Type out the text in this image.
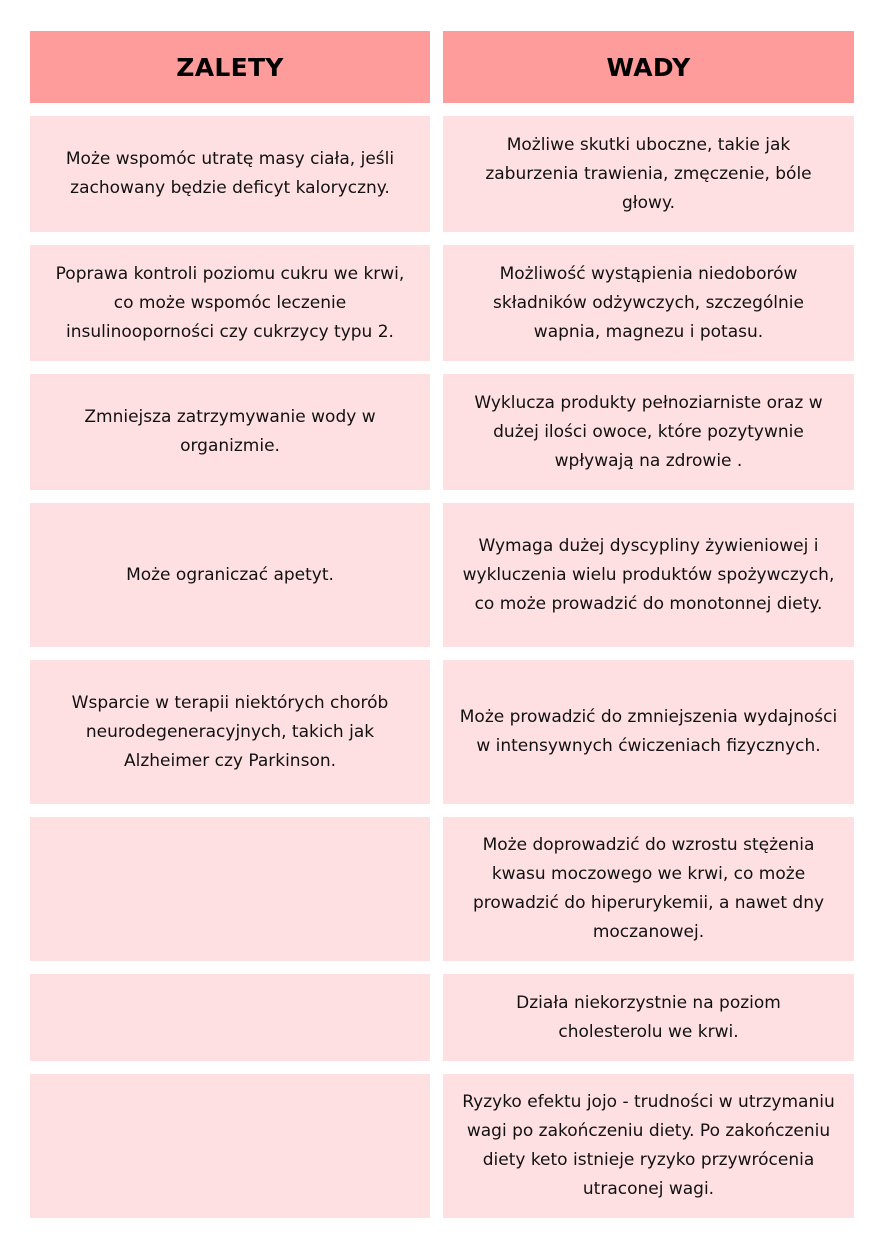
ZALETY	WADY
Może wspomóc utratę masy ciała, jeśli zachowany będzie deficyt kaloryczny.
Możliwe skutki uboczne, takie jak zaburzenia trawienia, zmęczenie, bóle głowy.
Poprawa kontroli poziomu cukru we krwi, co może wspomóc leczenie insulinooporności czy cukrzycy typu 2.
Możliwość wystąpienia niedoborów składników odżywczych, szczególnie wapnia, magnezu i potasu.
Zmniejsza zatrzymywanie wody w organizmie.
Wyklucza produkty pełnoziarniste oraz w dużej ilości owoce, które pozytywnie wpływają na zdrowie .
Może ograniczać apetyt.
Wymaga dużej dyscypliny żywieniowej i wykluczenia wielu produktów spożywczych, co może prowadzić do monotonnej diety.
Wsparcie w terapii niektórych chorób neurodegeneracyjnych, takich jak Alzheimer czy Parkinson.
Może prowadzić do zmniejszenia wydajności w intensywnych ćwiczeniach fizycznych.
Może doprowadzić do wzrostu stężenia kwasu moczowego we krwi, co może prowadzić do hiperurykemii, a nawet dny moczanowej.
Działa niekorzystnie na poziom cholesterolu we krwi.
Ryzyko efektu jojo - trudności w utrzymaniu wagi po zakończeniu diety. Po zakończeniu diety keto istnieje ryzyko przywrócenia utraconej wagi.
